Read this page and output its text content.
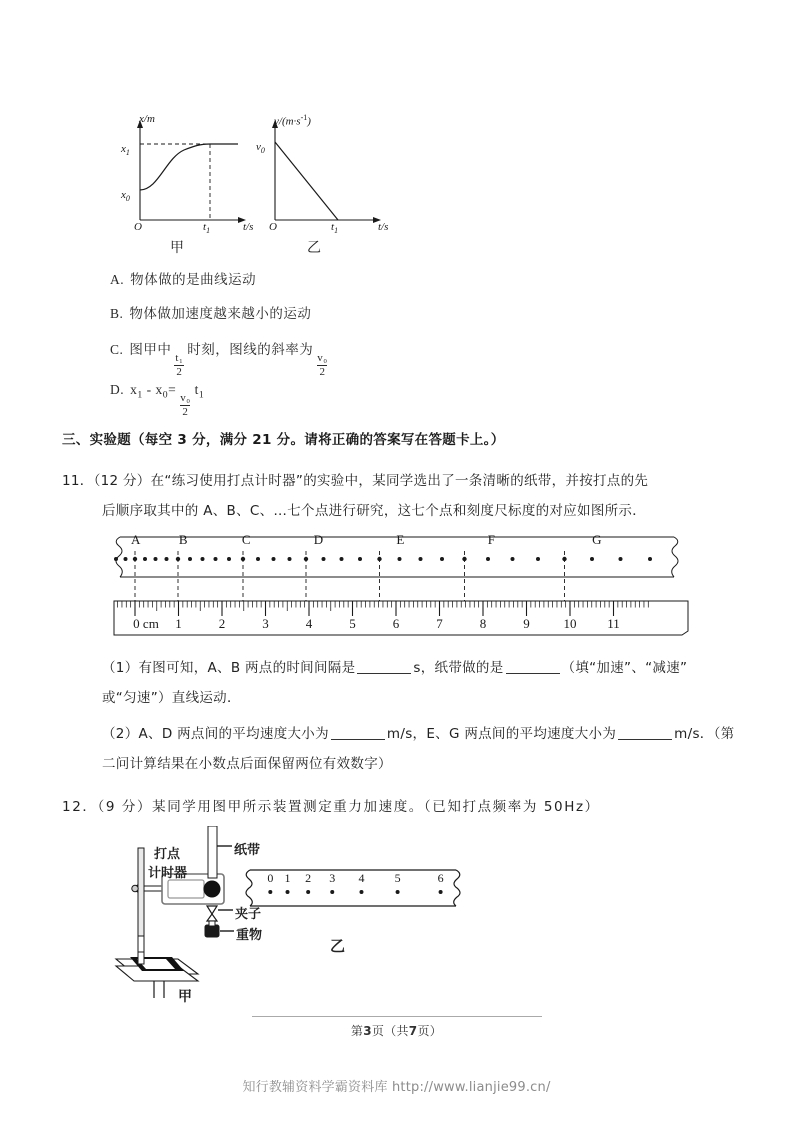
x/m
$x_1$
$x_0$
O	$t_1$	t/s
甲
$v/(m\cdot s^{-1})$
$v_0$
O	$t_1$	t/s
乙
A. 物体做的是曲线运动
B. 物体做加速度越来越小的运动
C. 图甲中
$\frac{\text{t₁}}{2}$
时刻，图线的斜率为
$\frac{\text{v₀}}{2}$
D. $x_1 - x_0=$
$\frac{\text{v₀}}{2}$
$t_1$
三、实验题（每空 3 分，满分 21 分。请将正确的答案写在答题卡上。）
11．（12 分）在“练习使用打点计时器”的实验中，某同学选出了一条清晰的纸带，并按打点的先
后顺序取其中的 A、B、C、…七个点进行研究，这七个点和刻度尺标度的对应如图所示．
0 cm 1	2	3	4	5	6	7	8	9	10 11
A	B	C	D	E	F	G
（1）有图可知，A、B 两点的时间间隔是	s，纸带做的是	（填“加速”、“减速”
或“匀速”）直线运动．
（2）A、D 两点间的平均速度大小为	m/s，E、G 两点间的平均速度大小为	m/s．（第
二问计算结果在小数点后面保留两位有效数字）
12．（9 分）某同学用图甲所示装置测定重力加速度。（已知打点频率为 50Hz）
打点
计时器
纸带
夹子
重物
甲
0 1 2 3 4	5	6
乙
第3页（共7页）
知行教辅资料学霸资料库 http://www.lianjie99.cn/
